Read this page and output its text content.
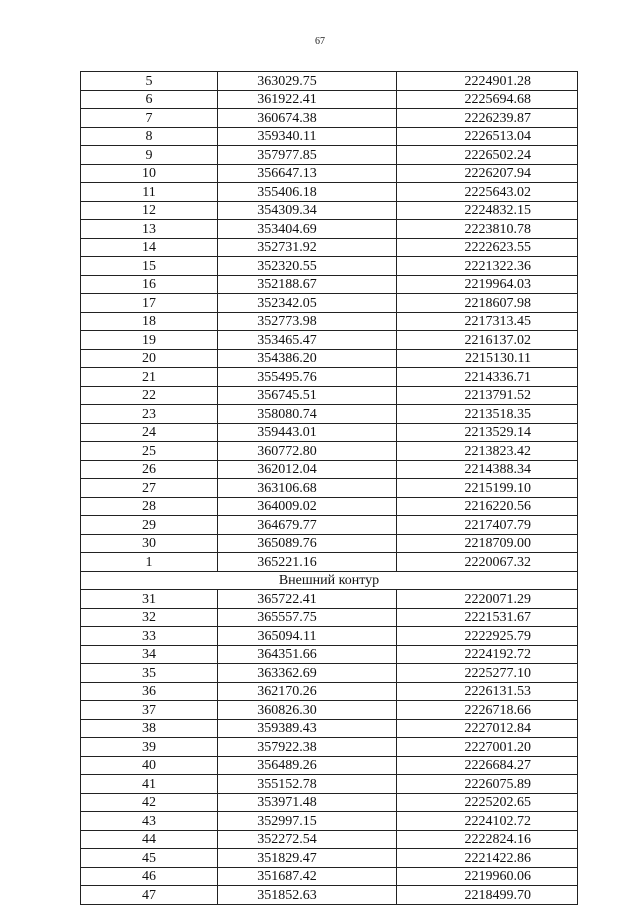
67
5	363029.75	2224901.28
6	361922.41	2225694.68
7	360674.38	2226239.87
8	359340.11	2226513.04
9	357977.85	2226502.24
10	356647.13	2226207.94
11	355406.18	2225643.02
12	354309.34	2224832.15
13	353404.69	2223810.78
14	352731.92	2222623.55
15	352320.55	2221322.36
16	352188.67	2219964.03
17	352342.05	2218607.98
18	352773.98	2217313.45
19	353465.47	2216137.02
20	354386.20	2215130.11
21	355495.76	2214336.71
22	356745.51	2213791.52
23	358080.74	2213518.35
24	359443.01	2213529.14
25	360772.80	2213823.42
26	362012.04	2214388.34
27	363106.68	2215199.10
28	364009.02	2216220.56
29	364679.77	2217407.79
30	365089.76	2218709.00
1	365221.16	2220067.32
Внешний контур		
31	365722.41	2220071.29
32	365557.75	2221531.67
33	365094.11	2222925.79
34	364351.66	2224192.72
35	363362.69	2225277.10
36	362170.26	2226131.53
37	360826.30	2226718.66
38	359389.43	2227012.84
39	357922.38	2227001.20
40	356489.26	2226684.27
41	355152.78	2226075.89
42	353971.48	2225202.65
43	352997.15	2224102.72
44	352272.54	2222824.16
45	351829.47	2221422.86
46	351687.42	2219960.06
47	351852.63	2218499.70
